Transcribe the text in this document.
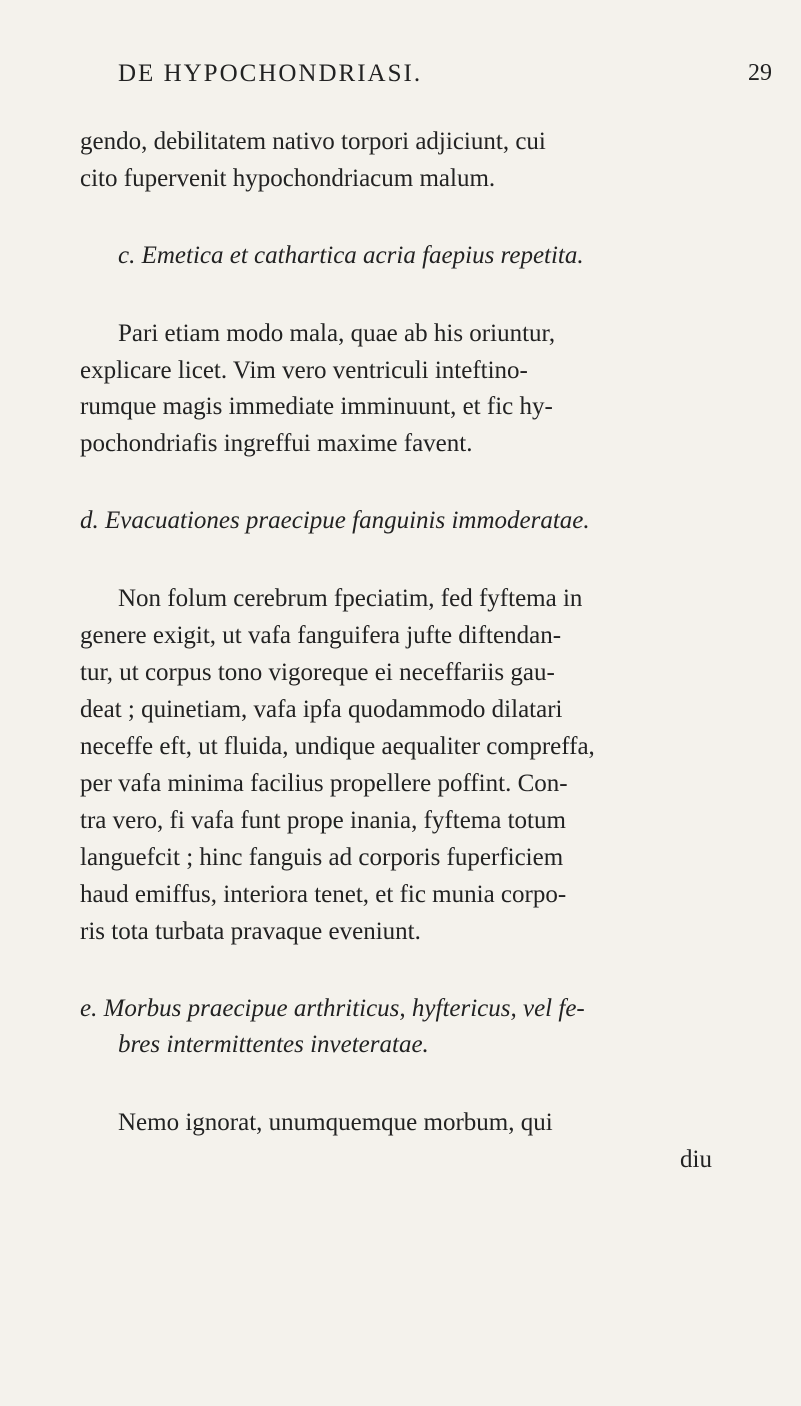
DE HYPOCHONDRIASI.	29
gendo, debilitatem nativo torpori adjiciunt, cui
cito fupervenit hypochondriacum malum.
c. Emetica et cathartica acria faepius repetita.
Pari etiam modo mala, quae ab his oriuntur,
explicare licet. Vim vero ventriculi inteftino-
rumque magis immediate imminuunt, et fic hy-
pochondriafis ingreffui maxime favent.
d. Evacuationes praecipue fanguinis immoderatae.
Non folum cerebrum fpeciatim, fed fyftema in
genere exigit, ut vafa fanguifera jufte diftendan-
tur, ut corpus tono vigoreque ei neceffariis gau-
deat ; quinetiam, vafa ipfa quodammodo dilatari
neceffe eft, ut fluida, undique aequaliter compreffa,
per vafa minima facilius propellere poffint. Con-
tra vero, fi vafa funt prope inania, fyftema totum
languefcit ; hinc fanguis ad corporis fuperficiem
haud emiffus, interiora tenet, et fic munia corpo-
ris tota turbata pravaque eveniunt.
e. Morbus praecipue arthriticus, hyftericus, vel fe-
bres intermittentes inveteratae.
Nemo ignorat, unumquemque morbum, qui
diu
